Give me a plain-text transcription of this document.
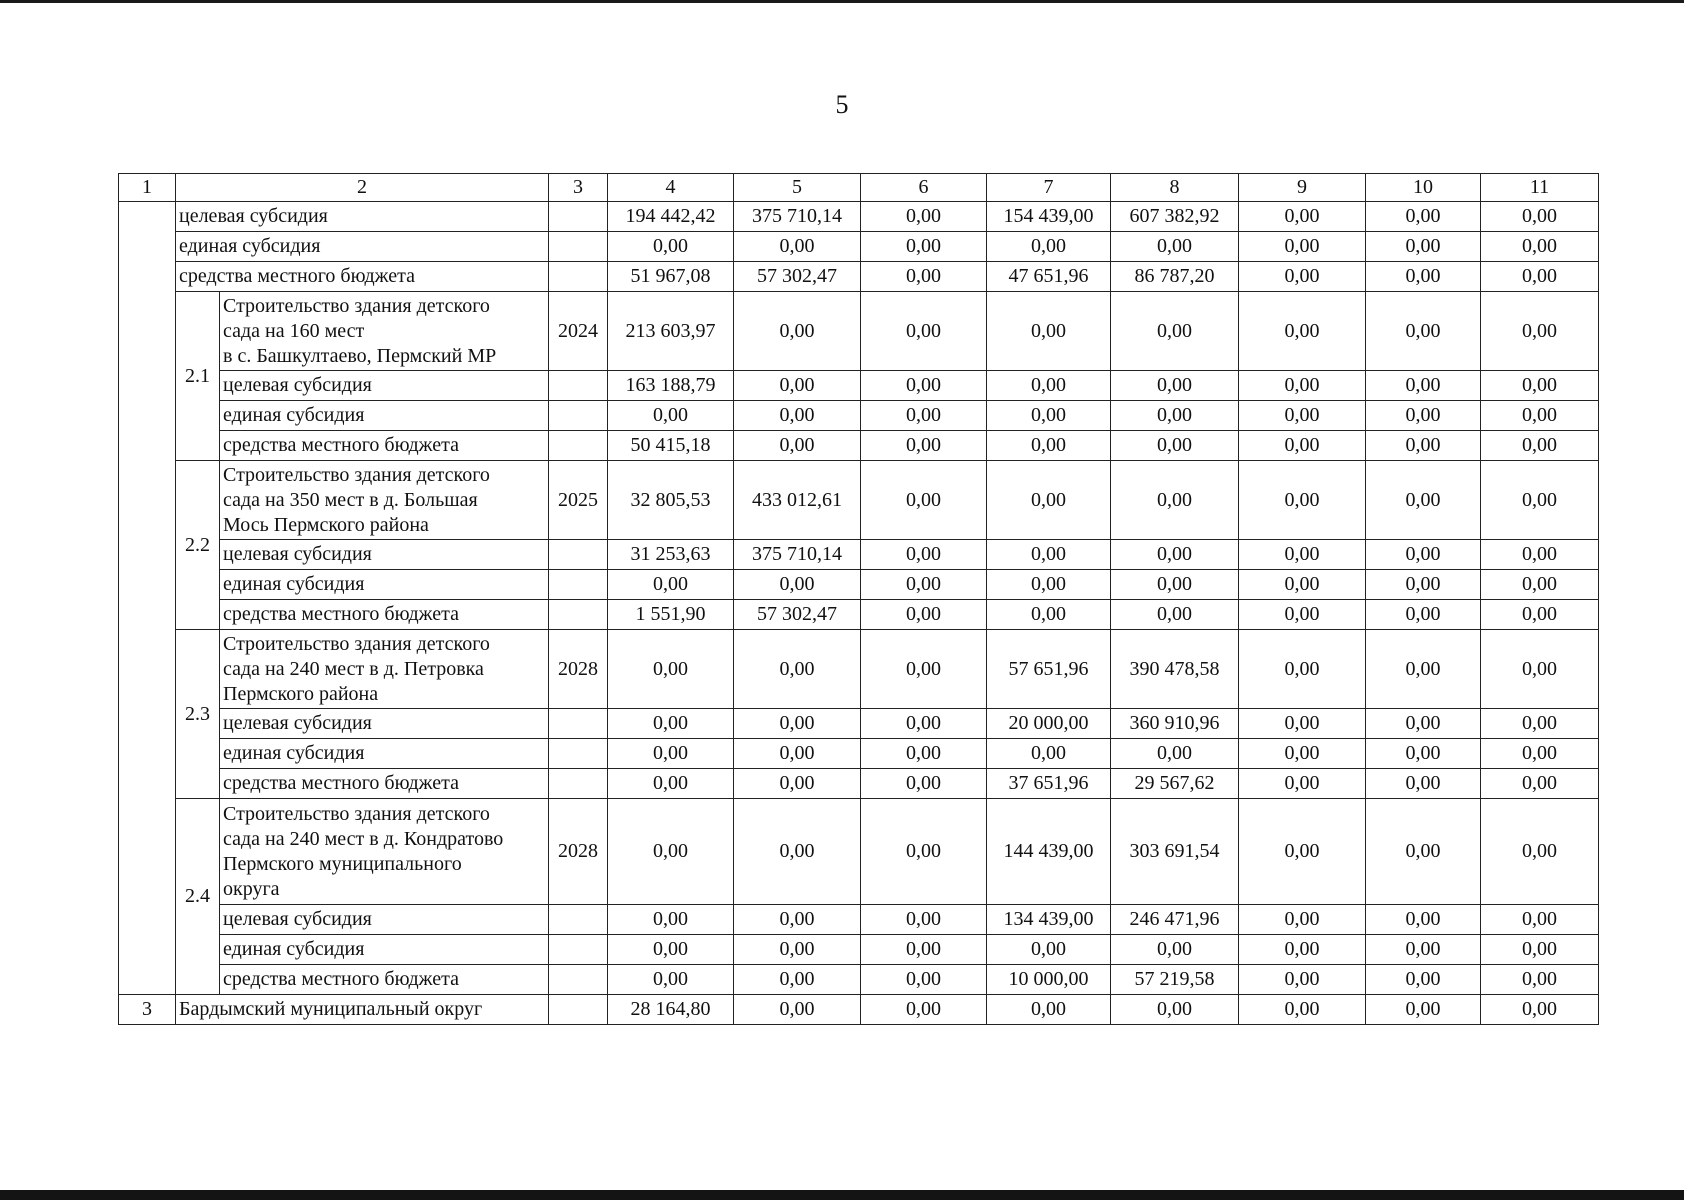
5
1	2		3	4	5	6	7	8	9	10	11
	целевая субсидия			194 442,42	375 710,14	0,00	154 439,00	607 382,92	0,00	0,00	0,00
	единая субсидия			0,00	0,00	0,00	0,00	0,00	0,00	0,00	0,00
	средства местного бюджета			51 967,08	57 302,47	0,00	47 651,96	86 787,20	0,00	0,00	0,00
	2.1	Строительство здания детского
сада на 160 мест
в с. Башкултаево, Пермский МР	2024	213 603,97	0,00	0,00	0,00	0,00	0,00	0,00	0,00
		целевая субсидия		163 188,79	0,00	0,00	0,00	0,00	0,00	0,00	0,00
		единая субсидия		0,00	0,00	0,00	0,00	0,00	0,00	0,00	0,00
		средства местного бюджета		50 415,18	0,00	0,00	0,00	0,00	0,00	0,00	0,00
	2.2	Строительство здания детского
сада на 350 мест в д. Большая
Мось Пермского района	2025	32 805,53	433 012,61	0,00	0,00	0,00	0,00	0,00	0,00
		целевая субсидия		31 253,63	375 710,14	0,00	0,00	0,00	0,00	0,00	0,00
		единая субсидия		0,00	0,00	0,00	0,00	0,00	0,00	0,00	0,00
		средства местного бюджета		1 551,90	57 302,47	0,00	0,00	0,00	0,00	0,00	0,00
	2.3	Строительство здания детского
сада на 240 мест в д. Петровка
Пермского района	2028	0,00	0,00	0,00	57 651,96	390 478,58	0,00	0,00	0,00
		целевая субсидия		0,00	0,00	0,00	20 000,00	360 910,96	0,00	0,00	0,00
		единая субсидия		0,00	0,00	0,00	0,00	0,00	0,00	0,00	0,00
		средства местного бюджета		0,00	0,00	0,00	37 651,96	29 567,62	0,00	0,00	0,00
	2.4	Строительство здания детского
сада на 240 мест в д. Кондратово
Пермского муниципального
округа	2028	0,00	0,00	0,00	144 439,00	303 691,54	0,00	0,00	0,00
		целевая субсидия		0,00	0,00	0,00	134 439,00	246 471,96	0,00	0,00	0,00
		единая субсидия		0,00	0,00	0,00	0,00	0,00	0,00	0,00	0,00
		средства местного бюджета		0,00	0,00	0,00	10 000,00	57 219,58	0,00	0,00	0,00
3	Бардымский муниципальный округ			28 164,80	0,00	0,00	0,00	0,00	0,00	0,00	0,00
